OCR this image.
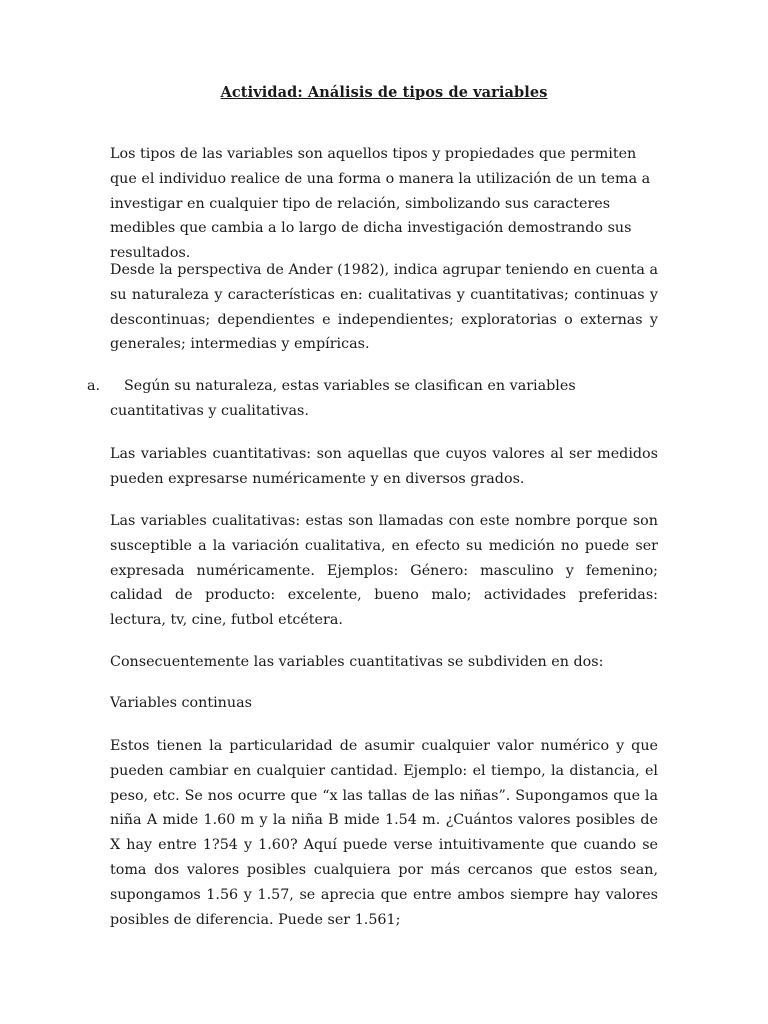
Actividad: Análisis de tipos de variables

Los tipos de las variables son aquellos tipos y propiedades que permiten que el individuo realice de una forma o manera la utilización de un tema a investigar en cualquier tipo de relación, simbolizando sus caracteres medibles que cambia a lo largo de dicha investigación demostrando sus resultados.

Desde la perspectiva de Ander (1982), indica agrupar teniendo en cuenta a su naturaleza y características en: cualitativas y cuantitativas; continuas y descontinuas; dependientes e independientes; exploratorias o externas y generales; intermedias y empíricas.

a. Según su naturaleza, estas variables se clasifican en variables cuantitativas y cualitativas.

Las variables cuantitativas: son aquellas que cuyos valores al ser medidos pueden expresarse numéricamente y en diversos grados.

Las variables cualitativas: estas son llamadas con este nombre porque son susceptible a la variación cualitativa, en efecto su medición no puede ser expresada numéricamente. Ejemplos: Género: masculino y femenino; calidad de producto: excelente, bueno malo; actividades preferidas: lectura, tv, cine, futbol etcétera.

Consecuentemente las variables cuantitativas se subdividen en dos:

Variables continuas

Estos tienen la particularidad de asumir cualquier valor numérico y que pueden cambiar en cualquier cantidad. Ejemplo: el tiempo, la distancia, el peso, etc. Se nos ocurre que “x las tallas de las niñas”. Supongamos que la niña A mide 1.60 m y la niña B mide 1.54 m. ¿Cuántos valores posibles de X hay entre 1?54 y 1.60? Aquí puede verse intuitivamente que cuando se toma dos valores posibles cualquiera por más cercanos que estos sean, supongamos 1.56 y 1.57, se aprecia que entre ambos siempre hay valores posibles de diferencia. Puede ser 1.561;
